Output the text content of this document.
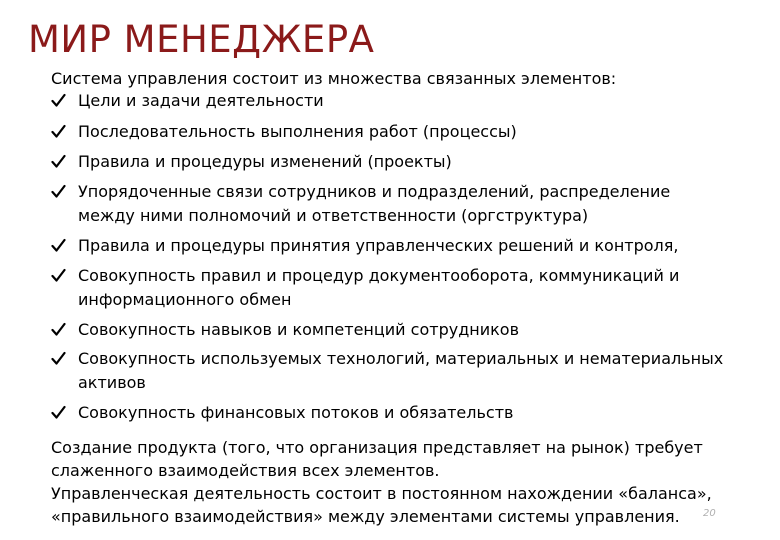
МИР МЕНЕДЖЕРА
Система управления состоит из множества связанных элементов:
Цели и задачи деятельности
Последовательность выполнения работ (процессы)
Правила и процедуры изменений (проекты)
Упорядоченные связи сотрудников и подразделений, распределение между ними полномочий и ответственности (оргструктура)
Правила и процедуры принятия управленческих решений и контроля,
Совокупность правил и процедур документооборота, коммуникаций и информационного обмен
Совокупность навыков и компетенций сотрудников
Совокупность используемых технологий, материальных и нематериальных активов
Совокупность финансовых потоков и обязательств

Создание продукта (того, что организация представляет на рынок) требует слаженного взаимодействия всех элементов.

Управленческая деятельность состоит в постоянном нахождении «баланса», «правильного взаимодействия» между элементами системы управления.	20
